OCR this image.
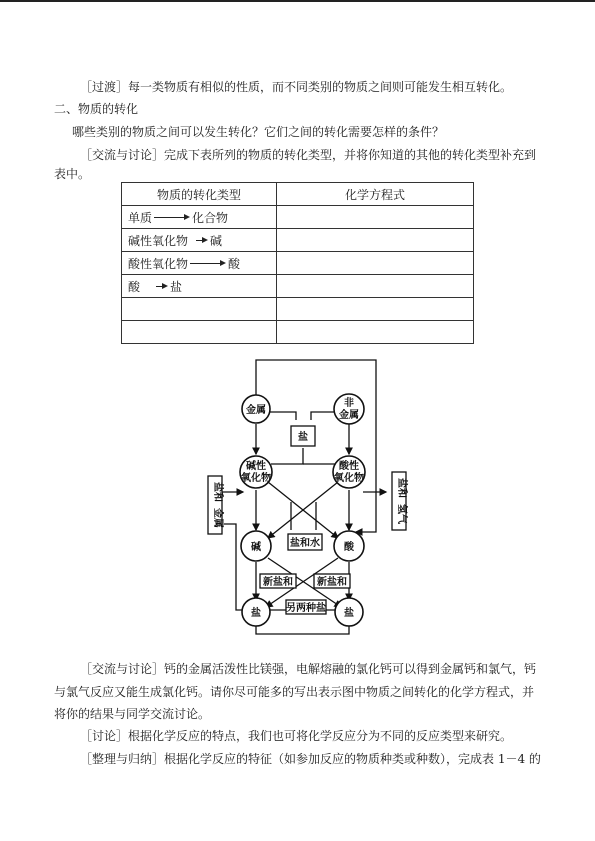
［过渡］每一类物质有相似的性质，而不同类别的物质之间则可能发生相互转化。
二、物质的转化
哪些类别的物质之间可以发生转化？它们之间的转化需要怎样的条件？
［交流与讨论］完成下表所列的物质的转化类型，并将你知道的其他的转化类型补充到
表中。
物质的转化类型	化学方程式
单质 化合物	
碱性氧化物 碱	
酸性氧化物 酸	
酸 盐	

金属
非
金属
盐
碱性
氧化物
酸性
氧化物
碱	酸
盐和水
盐	盐
新盐和 新盐和
另两种盐
盐和
金属
盐和
氢气
［交流与讨论］钙的金属活泼性比镁强，电解熔融的氯化钙可以得到金属钙和氯气，钙
与氯气反应又能生成氯化钙。请你尽可能多的写出表示图中物质之间转化的化学方程式，并
将你的结果与同学交流讨论。
［讨论］根据化学反应的特点，我们也可将化学反应分为不同的反应类型来研究。
［整理与归纳］根据化学反应的特征（如参加反应的物质种类或种数），完成表 1－4 的
